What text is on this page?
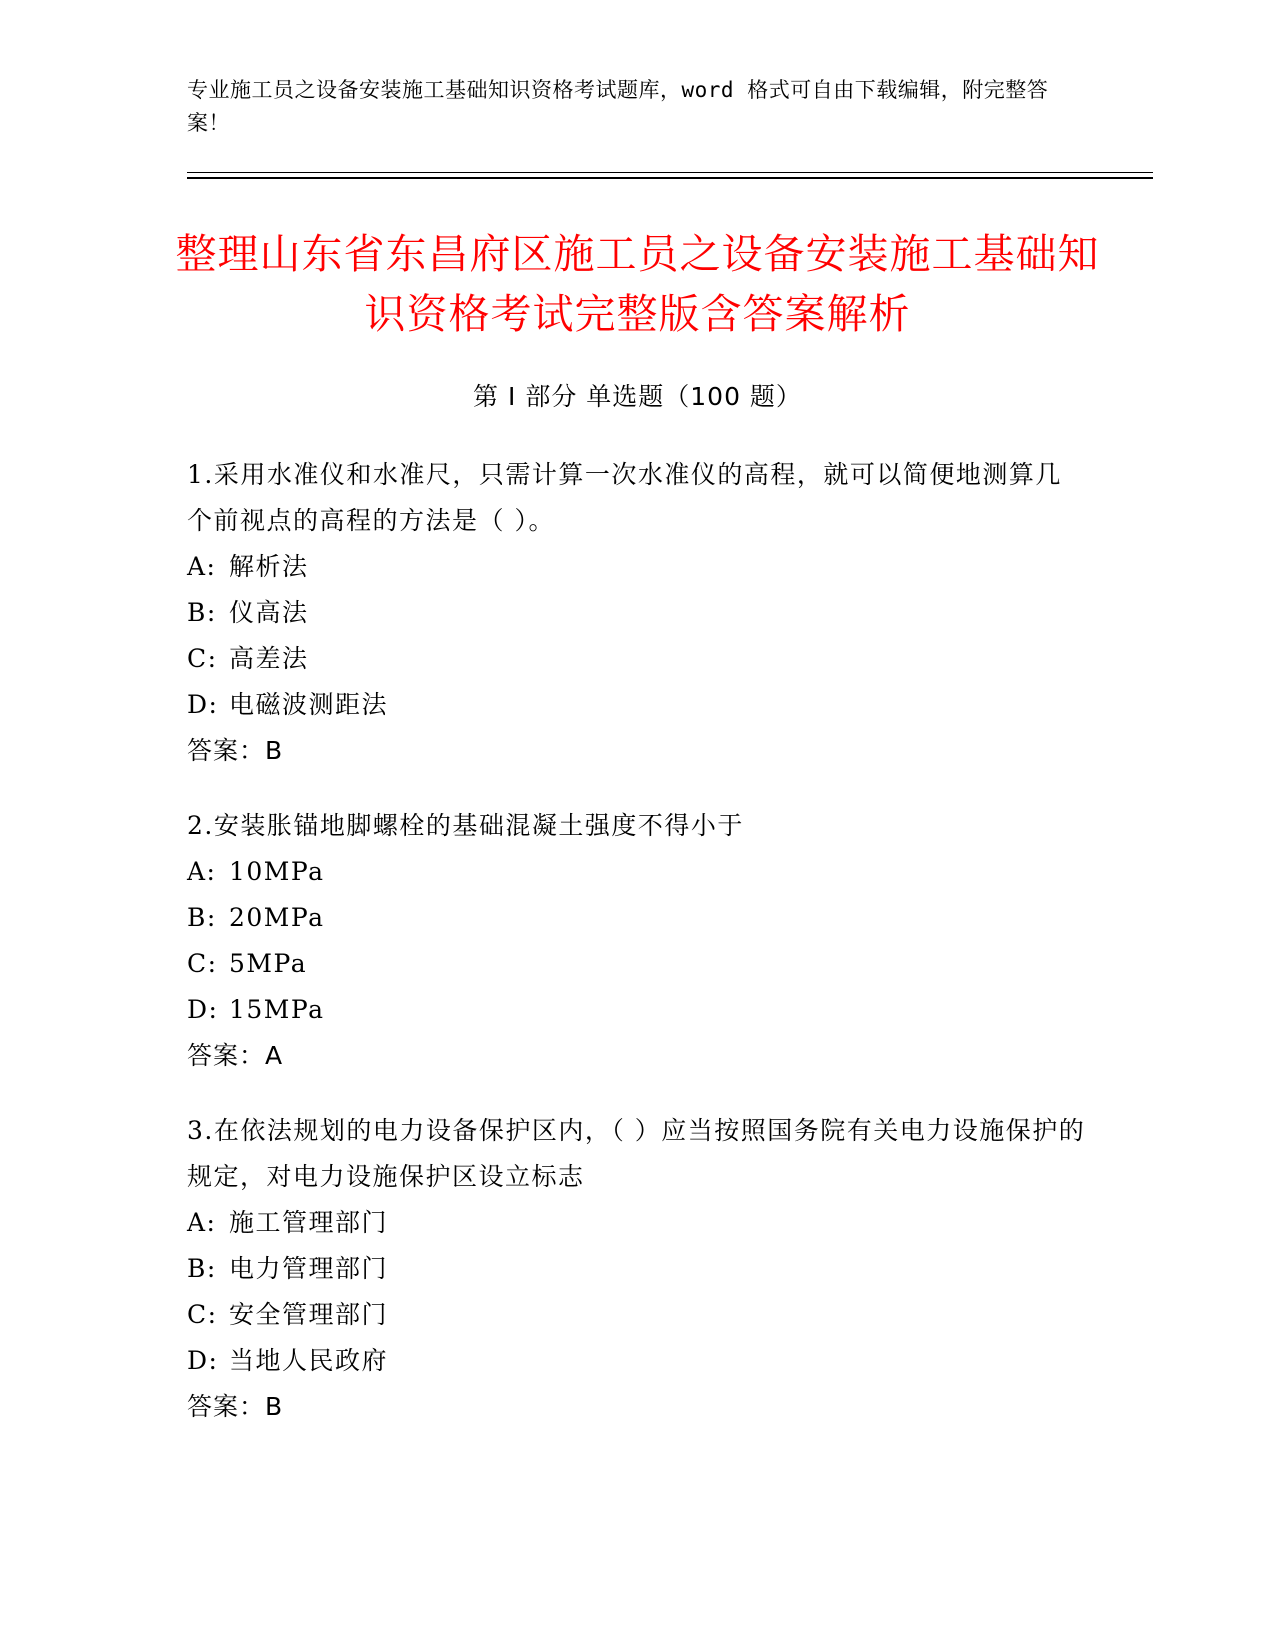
专业施工员之设备安装施工基础知识资格考试题库，word 格式可自由下载编辑，附完整答案！
整理山东省东昌府区施工员之设备安装施工基础知识资格考试完整版含答案解析
第 I 部分 单选题（100 题）
1.采用水准仪和水准尺，只需计算一次水准仪的高程，就可以简便地测算几个前视点的高程的方法是（ ）。
A: 解析法
B: 仪高法
C: 高差法
D: 电磁波测距法
答案：B
2.安装胀锚地脚螺栓的基础混凝土强度不得小于
A: 10MPa
B: 20MPa
C: 5MPa
D: 15MPa
答案：A
3.在依法规划的电力设备保护区内，（ ）应当按照国务院有关电力设施保护的规定，对电力设施保护区设立标志
A: 施工管理部门
B: 电力管理部门
C: 安全管理部门
D: 当地人民政府
答案：B
